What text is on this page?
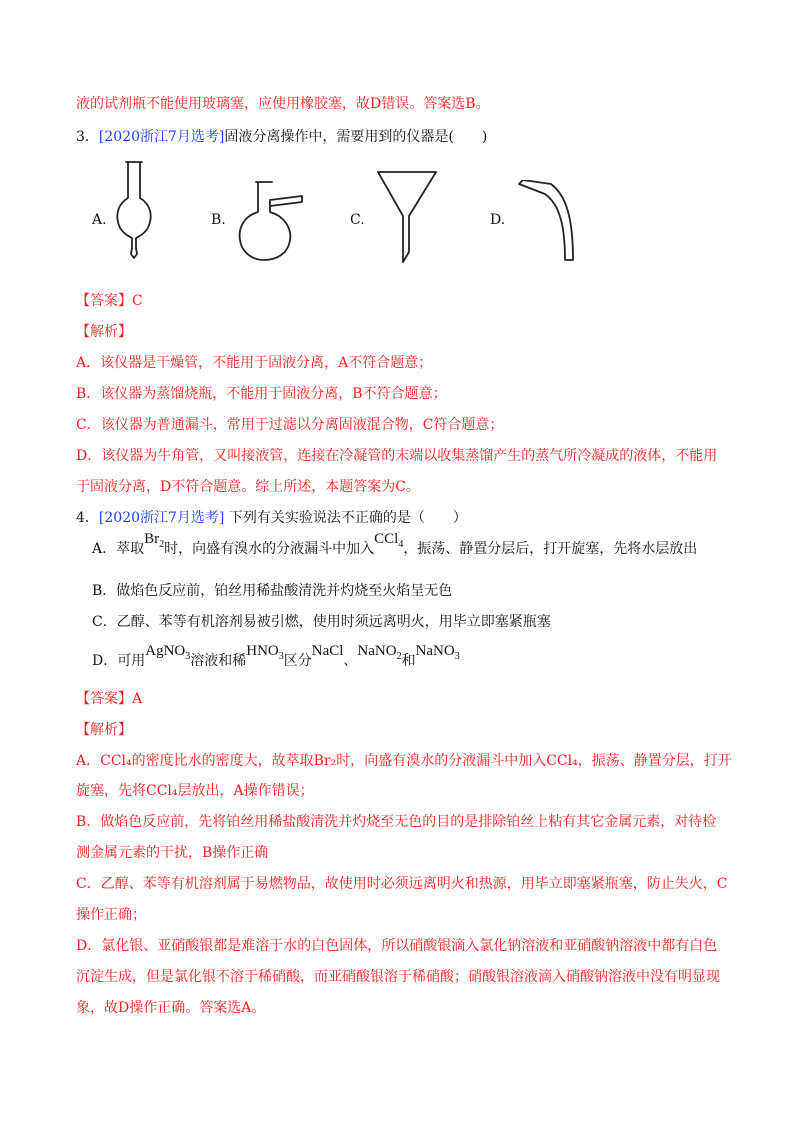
液的试剂瓶不能使用玻璃塞，应使用橡胶塞，故D错误。答案选B。
3．[2020浙江7月选考]固液分离操作中，需要用到的仪器是(　　)
A.	B.	C.	D.
【答案】C
【解析】
A．该仪器是干燥管，不能用于固液分离，A不符合题意；
B．该仪器为蒸馏烧瓶，不能用于固液分离，B不符合题意；
C．该仪器为普通漏斗，常用于过滤以分离固液混合物，C符合题意；
D．该仪器为牛角管，又叫接液管，连接在冷凝管的末端以收集蒸馏产生的蒸气所冷凝成的液体，不能用
于固液分离，D不符合题意。综上所述，本题答案为C。
4．[2020浙江7月选考] 下列有关实验说法不正确的是（　　）
A．萃取$Br_2$时，向盛有溴水的分液漏斗中加入CCl$_4$，振荡、静置分层后，打开旋塞，先将水层放出
B．做焰色反应前，铂丝用稀盐酸清洗并灼烧至火焰呈无色
C．乙醇、苯等有机溶剂易被引燃，使用时须远离明火，用毕立即塞紧瓶塞
D．可用AgNO$_3$溶液和稀$HNO_3$区分NaCl、NaNO$_2$和NaNO$_3$
【答案】A
【解析】
A．CCl₄的密度比水的密度大，故萃取Br₂时，向盛有溴水的分液漏斗中加入CCl₄，振荡、静置分层，打开
旋塞，先将CCl₄层放出，A操作错误；
B．做焰色反应前，先将铂丝用稀盐酸清洗并灼烧至无色的目的是排除铂丝上粘有其它金属元素，对待检
测金属元素的干扰，B操作正确
C．乙醇、苯等有机溶剂属于易燃物品，故使用时必须远离明火和热源，用毕立即塞紧瓶塞，防止失火，C
操作正确；
D．氯化银、亚硝酸银都是难溶于水的白色固体，所以硝酸银滴入氯化钠溶液和亚硝酸钠溶液中都有白色
沉淀生成，但是氯化银不溶于稀硝酸，而亚硝酸银溶于稀硝酸；硝酸银溶液滴入硝酸钠溶液中没有明显现
象，故D操作正确。答案选A。
